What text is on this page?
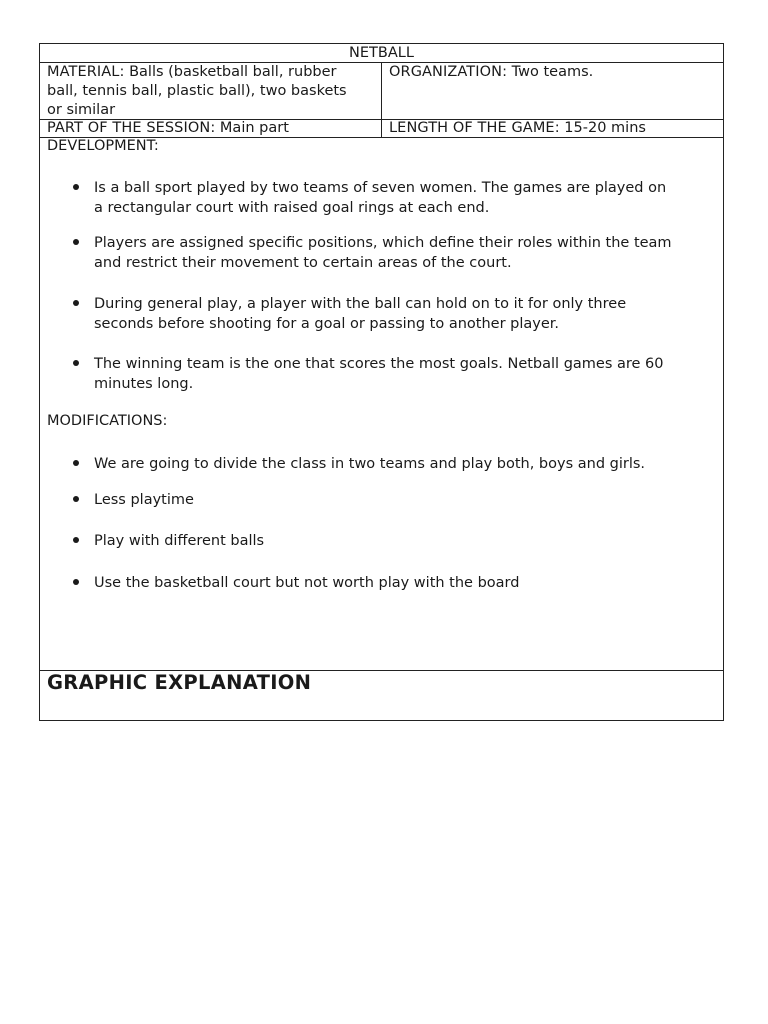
NETBALL
MATERIAL: Balls (basketball ball, rubber
ball, tennis ball, plastic ball), two baskets
or similar
ORGANIZATION: Two teams.
PART OF THE SESSION: Main part	LENGTH OF THE GAME: 15-20 mins
DEVELOPMENT:
Is a ball sport played by two teams of seven women. The games are played on
a rectangular court with raised goal rings at each end.
Players are assigned specific positions, which define their roles within the team
and restrict their movement to certain areas of the court.
During general play, a player with the ball can hold on to it for only three
seconds before shooting for a goal or passing to another player.
The winning team is the one that scores the most goals. Netball games are 60
minutes long.
MODIFICATIONS:
We are going to divide the class in two teams and play both, boys and girls.
Less playtime
Play with different balls
Use the basketball court but not worth play with the board
GRAPHIC EXPLANATION
